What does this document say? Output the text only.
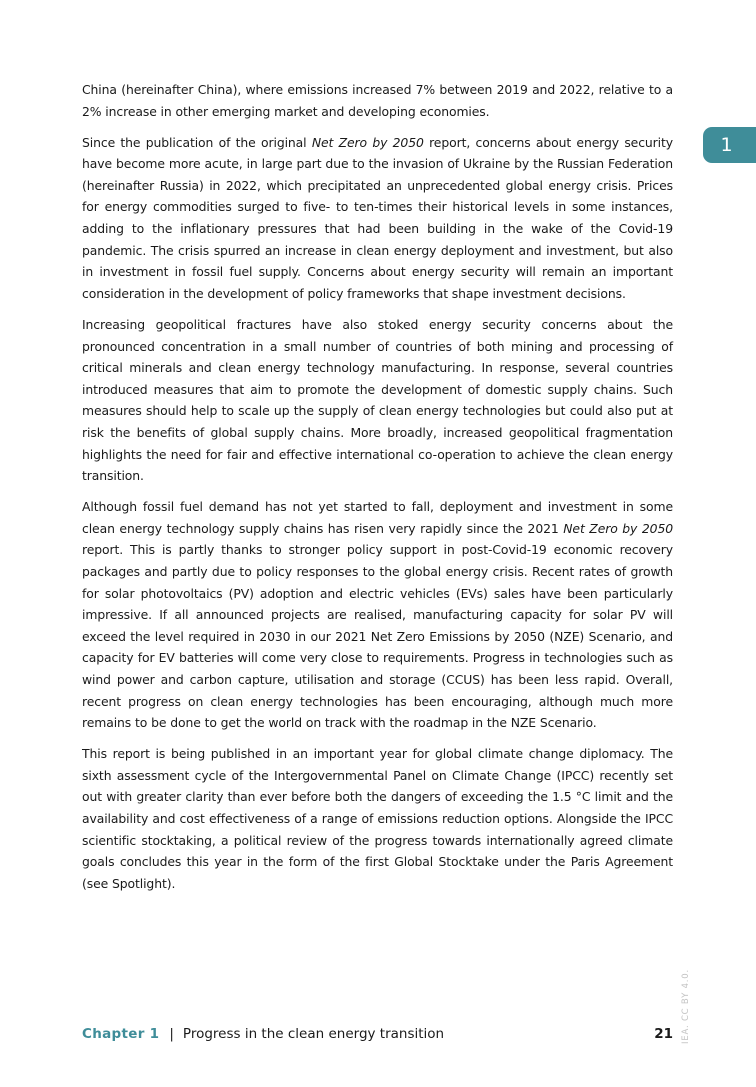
1

China (hereinafter China), where emissions increased 7% between 2019 and 2022, relative to a 2% increase in other emerging market and developing economies.

Since the publication of the original Net Zero by 2050 report, concerns about energy security have become more acute, in large part due to the invasion of Ukraine by the Russian Federation (hereinafter Russia) in 2022, which precipitated an unprecedented global energy crisis. Prices for energy commodities surged to five- to ten-times their historical levels in some instances, adding to the inflationary pressures that had been building in the wake of the Covid-19 pandemic. The crisis spurred an increase in clean energy deployment and investment, but also in investment in fossil fuel supply. Concerns about energy security will remain an important consideration in the development of policy frameworks that shape investment decisions.

Increasing geopolitical fractures have also stoked energy security concerns about the pronounced concentration in a small number of countries of both mining and processing of critical minerals and clean energy technology manufacturing. In response, several countries introduced measures that aim to promote the development of domestic supply chains. Such measures should help to scale up the supply of clean energy technologies but could also put at risk the benefits of global supply chains. More broadly, increased geopolitical fragmentation highlights the need for fair and effective international co-operation to achieve the clean energy transition.

Although fossil fuel demand has not yet started to fall, deployment and investment in some clean energy technology supply chains has risen very rapidly since the 2021 Net Zero by 2050 report. This is partly thanks to stronger policy support in post-Covid-19 economic recovery packages and partly due to policy responses to the global energy crisis. Recent rates of growth for solar photovoltaics (PV) adoption and electric vehicles (EVs) sales have been particularly impressive. If all announced projects are realised, manufacturing capacity for solar PV will exceed the level required in 2030 in our 2021 Net Zero Emissions by 2050 (NZE) Scenario, and capacity for EV batteries will come very close to requirements. Progress in technologies such as wind power and carbon capture, utilisation and storage (CCUS) has been less rapid. Overall, recent progress on clean energy technologies has been encouraging, although much more remains to be done to get the world on track with the roadmap in the NZE Scenario.

This report is being published in an important year for global climate change diplomacy. The sixth assessment cycle of the Intergovernmental Panel on Climate Change (IPCC) recently set out with greater clarity than ever before both the dangers of exceeding the 1.5 °C limit and the availability and cost effectiveness of a range of emissions reduction options. Alongside the IPCC scientific stocktaking, a political review of the progress towards internationally agreed climate goals concludes this year in the form of the first Global Stocktake under the Paris Agreement (see Spotlight).

Chapter 1 | Progress in the clean energy transition	21 IEA. CC BY 4.0.
